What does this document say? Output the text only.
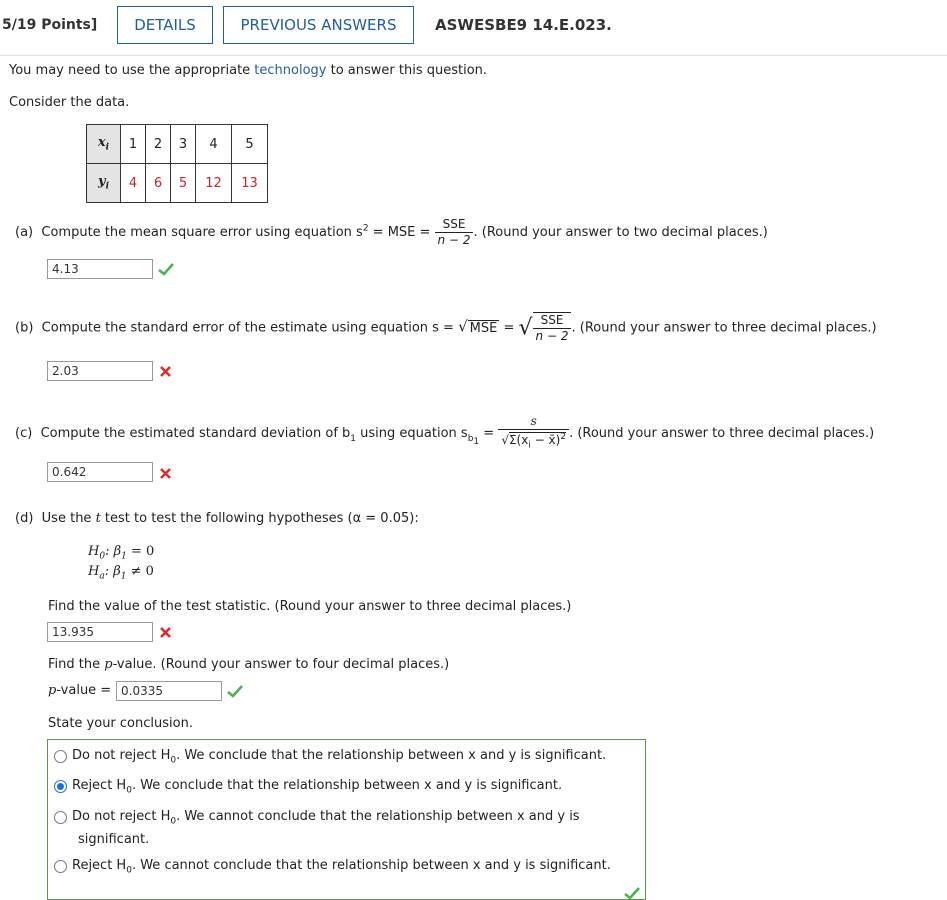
5/19 Points]	DETAILS	PREVIOUS ANSWERS	ASWESBE9 14.E.023.
You may need to use the appropriate technology to answer this question.
Consider the data.
$x_i$	1	2	3	4	5
$y_i$	4	6	5	12	13
(a) Compute the mean square error using equation $s^2$ = MSE = $\frac{\text{SSE}}{n - 2}$ . (Round your answer to two decimal places.)
4.13
(b) Compute the standard error of the estimate using equation s = √ MSE = √ $\frac{\text{SSE}}{n - 2}$ . (Round your answer to three decimal places.)
2.03
(c) Compute the estimated standard deviation of $b_1$ using equation $s_{b_1} = \frac{s}{√\Sigma(x_i - x̄)^2}$ . (Round your answer to three decimal places.)
0.642
(d) Use the t test to test the following hypotheses (α = 0.05):
$H_0$: $\beta_1 = 0$
$H_a$: $\beta_1 \ne 0$
Find the value of the test statistic. (Round your answer to three decimal places.)
13.935
Find the p-value. (Round your answer to four decimal places.)
p-value = 0.0335
State your conclusion.
Do not reject $H_0$. We conclude that the relationship between x and y is significant.
Reject $H_0$. We conclude that the relationship between x and y is significant.
Do not reject $H_0$. We cannot conclude that the relationship between x and y is
significant.
Reject $H_0$. We cannot conclude that the relationship between x and y is significant.
